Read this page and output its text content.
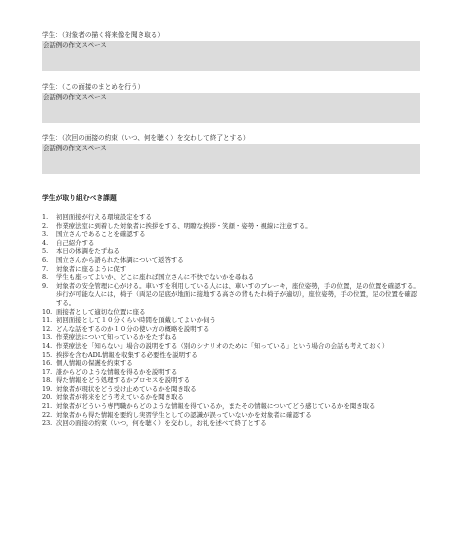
学生：（対象者の描く将来像を聞き取る）
会話例の作文スペース
学生：（この面接のまとめを行う）
会話例の作文スペース
学生：（次回の面接の約束（いつ、何を聴く）を交わして終了とする）
会話例の作文スペース
学生が取り組むべき課題
1.	初回面接が行える環境設定をする
2.	作業療法室に到着した対象者に挨拶をする、明瞭な挨拶・笑顔・姿勢・視線に注意する。
3.	国立さんであることを確認する
4.	自己紹介する
5.	本日の体調をたずねる
6.	国立さんから語られた体調について返答する
7.	対象者に座るように促す
8.	学生も座ってよいか、どこに座れば国立さんに不快でないかを尋ねる
9.	対象者の安全管理に心がける。車いすを利用している人には、車いすのブレーキ，座位姿勢，手の位置，足の位置を確認する。歩行が可能な人には，椅子（両足の足底が地面に接地する高さの背もたれ椅子が適切），座位姿勢，手の位置，足の位置を確認する。
10. 面接者として適切な位置に座る
11. 初回面接として１０分くらい時間を頂戴してよいか伺う
12. どんな話をするのか１０分の使い方の概略を説明する
13. 作業療法について知っているかをたずねる
14. 作業療法を「知らない」場合の説明をする（別のシナリオのために「知っている」という場合の会話も考えておく）
15. 挨拶を含むADL情報を収集する必要性を説明する
16. 個人情報の保護を約束する
17. 誰からどのような情報を得るかを説明する
18. 得た情報をどう処理するかプロセスを説明する
19. 対象者が現状をどう受け止めているかを聞き取る
20. 対象者が将来をどう考えているかを聞き取る
21. 対象者がどういう専門職からどのような情報を得ているか，またその情報についてどう感じているかを聞き取る
22. 対象者から得た情報を要約し実習学生としての認識が誤っていないかを対象者に確認する
23. 次回の面接の約束（いつ，何を聴く）を交わし，お礼を述べて終了とする
